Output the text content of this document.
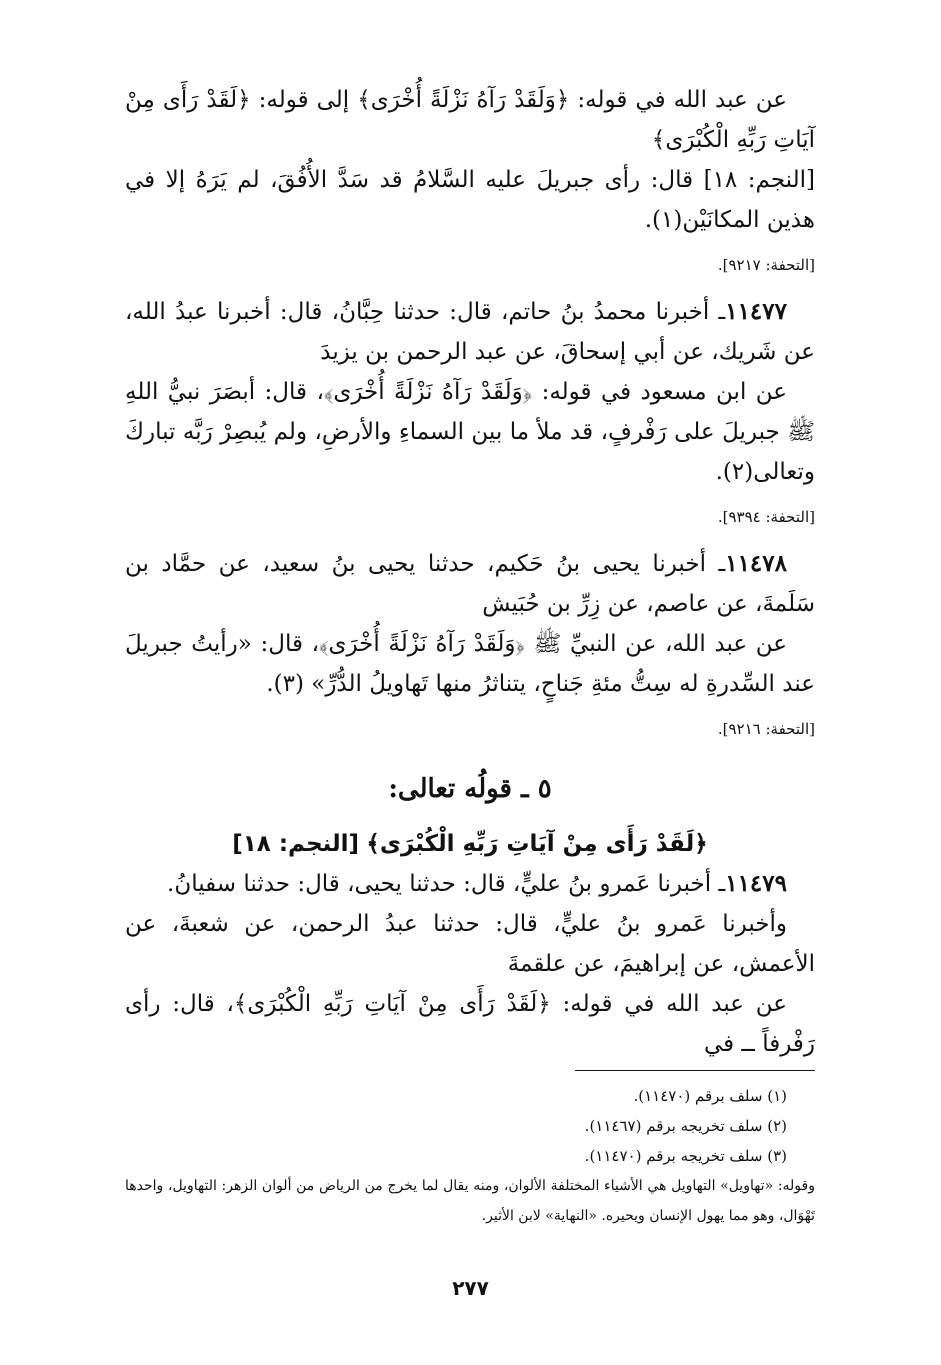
عن عبد الله في قوله: ﴿وَلَقَدْ رَآهُ نَزْلَةً أُخْرَى﴾ إلى قوله: ﴿لَقَدْ رَأَى مِنْ آيَاتِ رَبِّهِ الْكُبْرَى﴾

[النجم: ١٨] قال: رأى جبريلَ عليه السَّلامُ قد سَدَّ الأُفُقَ، لم يَرَهُ إلا في هذين المكانَيْن(١).

[التحفة: ٩٢١٧].

١١٤٧٧ـ أخبرنا محمدُ بنُ حاتم، قال: حدثنا حِبَّانُ، قال: أخبرنا عبدُ الله، عن شَريك، عن أبي إسحاقَ، عن عبد الرحمن بن يزيدَ

عن ابن مسعود في قوله: ﴿وَلَقَدْ رَآهُ نَزْلَةً أُخْرَى﴾، قال: أبصَرَ نبيُّ اللهِ ﷺ جبريلَ على رَفْرفٍ، قد ملأ ما بين السماءِ والأرضِ، ولم يُبصِرْ رَبَّه تباركَ وتعالى(٢).

[التحفة: ٩٣٩٤].

١١٤٧٨ـ أخبرنا يحيى بنُ حَكيم، حدثنا يحيى بنُ سعيد، عن حمَّاد بن سَلَمةَ، عن عاصم، عن زِرِّ بن حُبَيش

عن عبد الله، عن النبيِّ ﷺ ﴿وَلَقَدْ رَآهُ نَزْلَةً أُخْرَى﴾، قال: «رأيتُ جبريلَ عند السِّدرةِ له سِتُّ مئةِ جَناحٍ، يتناثرُ منها تَهاويلُ الدُّرِّ» (٣).

[التحفة: ٩٢١٦].

٥ ـ قولُه تعالى:

﴿لَقَدْ رَأَى مِنْ آيَاتِ رَبِّهِ الْكُبْرَى﴾ [النجم: ١٨]

١١٤٧٩ـ أخبرنا عَمرو بنُ عليٍّ، قال: حدثنا يحيى، قال: حدثنا سفيانُ.

وأخبرنا عَمرو بنُ عليٍّ، قال: حدثنا عبدُ الرحمن، عن شعبةَ، عن الأعمش، عن إبراهيمَ، عن علقمةَ

عن عبد الله في قوله: ﴿لَقَدْ رَأَى مِنْ آيَاتِ رَبِّهِ الْكُبْرَى﴾، قال: رأى رَفْرفاً ــ في

(١) سلف برقم (١١٤٧٠).

(٢) سلف تخريجه برقم (١١٤٦٧).

(٣) سلف تخريجه برقم (١١٤٧٠).

وقوله: «تهاويل» التهاويل هي الأشياء المختلفة الألوان، ومنه يقال لما يخرج من الرياض من ألوان الزهر: التهاويل، واحدها تَهْوَال، وهو مما يهول الإنسان ويحيره. «النهاية» لابن الأثير.

٢٧٧
